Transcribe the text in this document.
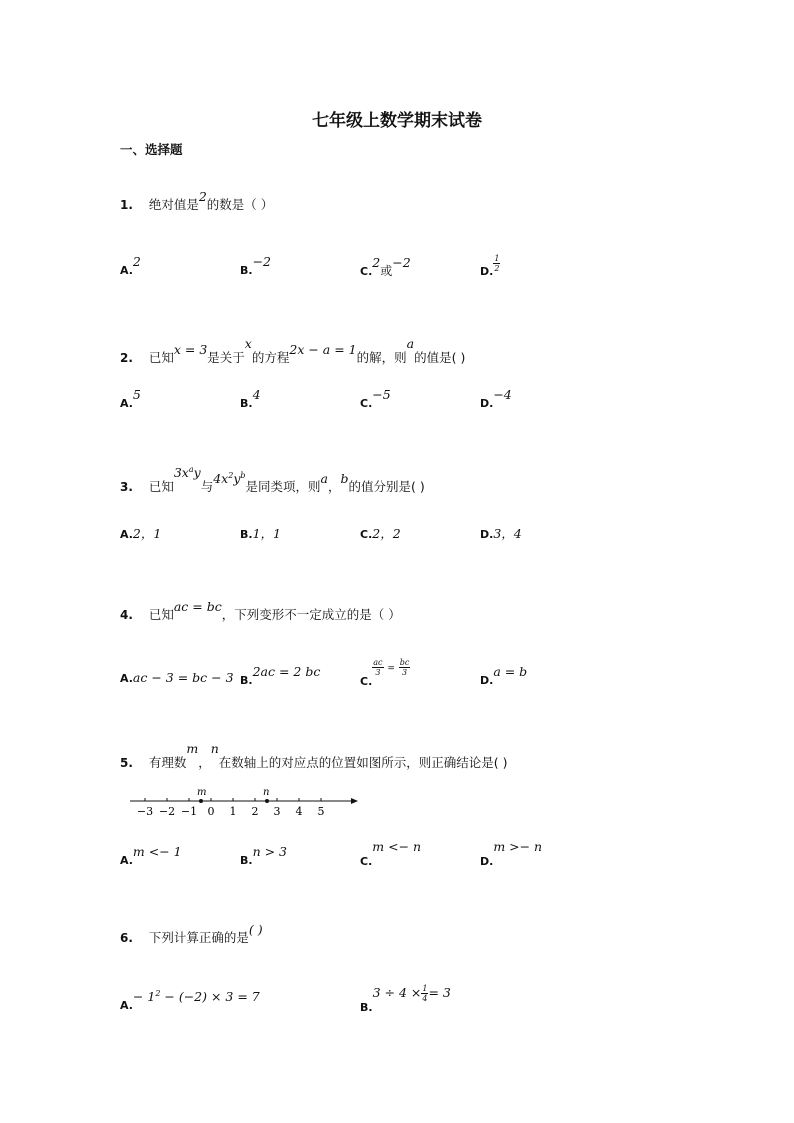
七年级上数学期末试卷
一、选择题
1. 绝对值是2的数是（ ）
A.2
B.−2
C.2或−2
D. $\frac{1}{2}$
2. 已知x = 3是关于x的方程2x − a = 1的解，则a的值是( )
A.5
B.4
C.−5
D.−4
3. 已知$3x^ay$与$4x^2y^b$是同类项，则a，b的值分别是( )
A.2，1	B.1，1	C.2，2	D.3，4
4. 已知ac = bc，下列变形不一定成立的是（ ）
A.ac − 3 = bc − 3 B.2ac = 2 bc
C.
$\frac{ac}{3} = \frac{bc}{3}$
D.a = b
5. 有理数m，n在数轴上的对应点的位置如图所示，则正确结论是( )
−3 −2 −1 0 1 2 3 4 5
m	n
A.m <− 1
B.n > 3
C.m <− n
D.m >− n
6. 下列计算正确的是( )
$A.- 1^2 - (-2) \times 3 = 7$
$B.3 \div 4 \times \frac{1}{4} = 3$
